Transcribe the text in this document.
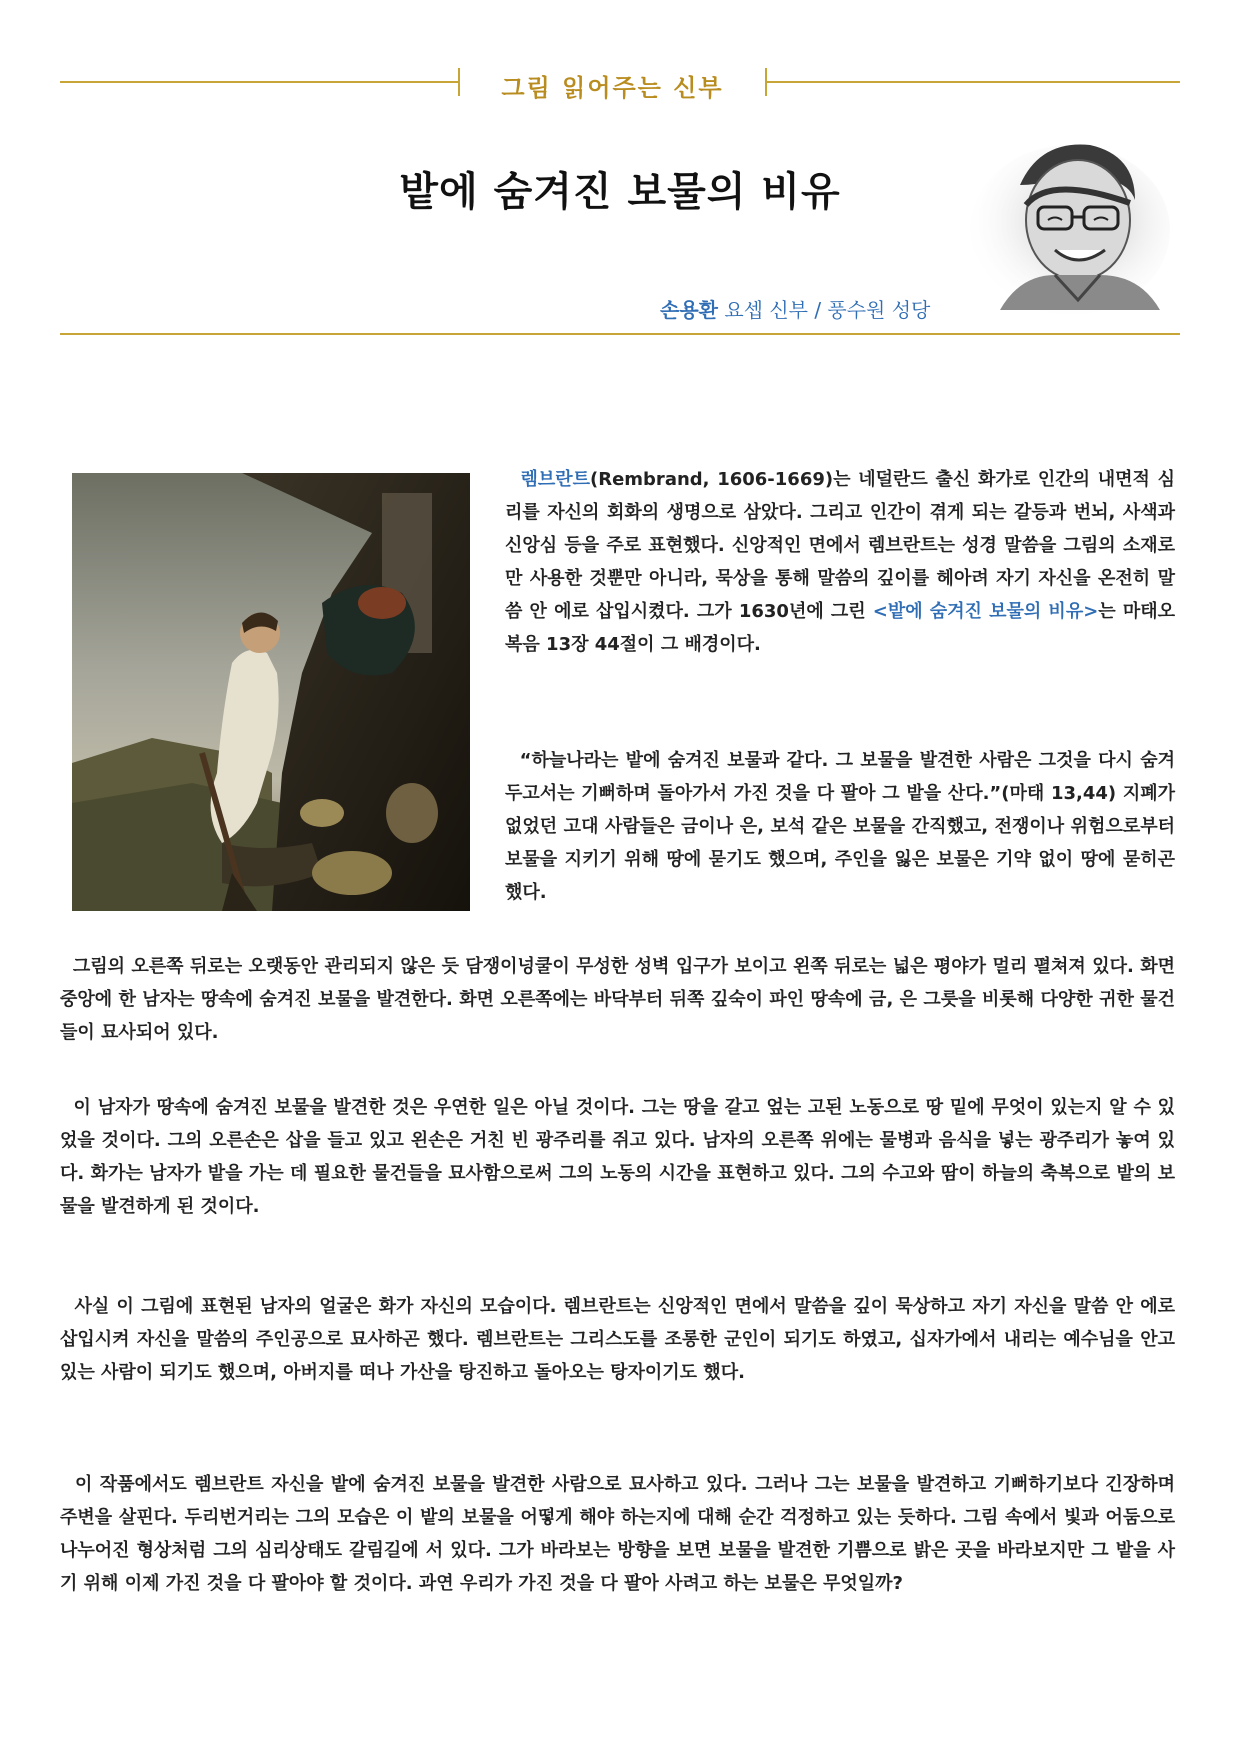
그림 읽어주는 신부
밭에 숨겨진 보물의 비유
손용환 요셉 신부 / 풍수원 성당
렘브란트(Rembrand, 1606-1669)는 네덜란드 출신 화가로 인간의 내면적 심리를 자신의 회화의 생명으로 삼았다. 그리고 인간이 겪게 되는 갈등과 번뇌, 사색과 신앙심 등을 주로 표현했다. 신앙적인 면에서 렘브란트는 성경 말씀을 그림의 소재로만 사용한 것뿐만 아니라, 묵상을 통해 말씀의 깊이를 헤아려 자기 자신을 온전히 말씀 안 에로 삽입시켰다. 그가 1630년에 그린 <밭에 숨겨진 보물의 비유>는 마태오 복음 13장 44절이 그 배경이다.
“하늘나라는 밭에 숨겨진 보물과 같다. 그 보물을 발견한 사람은 그것을 다시 숨겨 두고서는 기뻐하며 돌아가서 가진 것을 다 팔아 그 밭을 산다.”(마태 13,44) 지폐가 없었던 고대 사람들은 금이나 은, 보석 같은 보물을 간직했고, 전쟁이나 위험으로부터 보물을 지키기 위해 땅에 묻기도 했으며, 주인을 잃은 보물은 기약 없이 땅에 묻히곤 했다.
그림의 오른쪽 뒤로는 오랫동안 관리되지 않은 듯 담쟁이넝쿨이 무성한 성벽 입구가 보이고 왼쪽 뒤로는 넓은 평야가 멀리 펼쳐져 있다. 화면 중앙에 한 남자는 땅속에 숨겨진 보물을 발견한다. 화면 오른쪽에는 바닥부터 뒤쪽 깊숙이 파인 땅속에 금, 은 그릇을 비롯해 다양한 귀한 물건들이 묘사되어 있다.
이 남자가 땅속에 숨겨진 보물을 발견한 것은 우연한 일은 아닐 것이다. 그는 땅을 갈고 엎는 고된 노동으로 땅 밑에 무엇이 있는지 알 수 있었을 것이다. 그의 오른손은 삽을 들고 있고 왼손은 거친 빈 광주리를 쥐고 있다. 남자의 오른쪽 위에는 물병과 음식을 넣는 광주리가 놓여 있다. 화가는 남자가 밭을 가는 데 필요한 물건들을 묘사함으로써 그의 노동의 시간을 표현하고 있다. 그의 수고와 땀이 하늘의 축복으로 밭의 보물을 발견하게 된 것이다.
사실 이 그림에 표현된 남자의 얼굴은 화가 자신의 모습이다. 렘브란트는 신앙적인 면에서 말씀을 깊이 묵상하고 자기 자신을 말씀 안 에로 삽입시켜 자신을 말씀의 주인공으로 묘사하곤 했다. 렘브란트는 그리스도를 조롱한 군인이 되기도 하였고, 십자가에서 내리는 예수님을 안고 있는 사람이 되기도 했으며, 아버지를 떠나 가산을 탕진하고 돌아오는 탕자이기도 했다.
이 작품에서도 렘브란트 자신을 밭에 숨겨진 보물을 발견한 사람으로 묘사하고 있다. 그러나 그는 보물을 발견하고 기뻐하기보다 긴장하며 주변을 살핀다. 두리번거리는 그의 모습은 이 밭의 보물을 어떻게 해야 하는지에 대해 순간 걱정하고 있는 듯하다. 그림 속에서 빛과 어둠으로 나누어진 형상처럼 그의 심리상태도 갈림길에 서 있다. 그가 바라보는 방향을 보면 보물을 발견한 기쁨으로 밝은 곳을 바라보지만 그 밭을 사기 위해 이제 가진 것을 다 팔아야 할 것이다. 과연 우리가 가진 것을 다 팔아 사려고 하는 보물은 무엇일까?
